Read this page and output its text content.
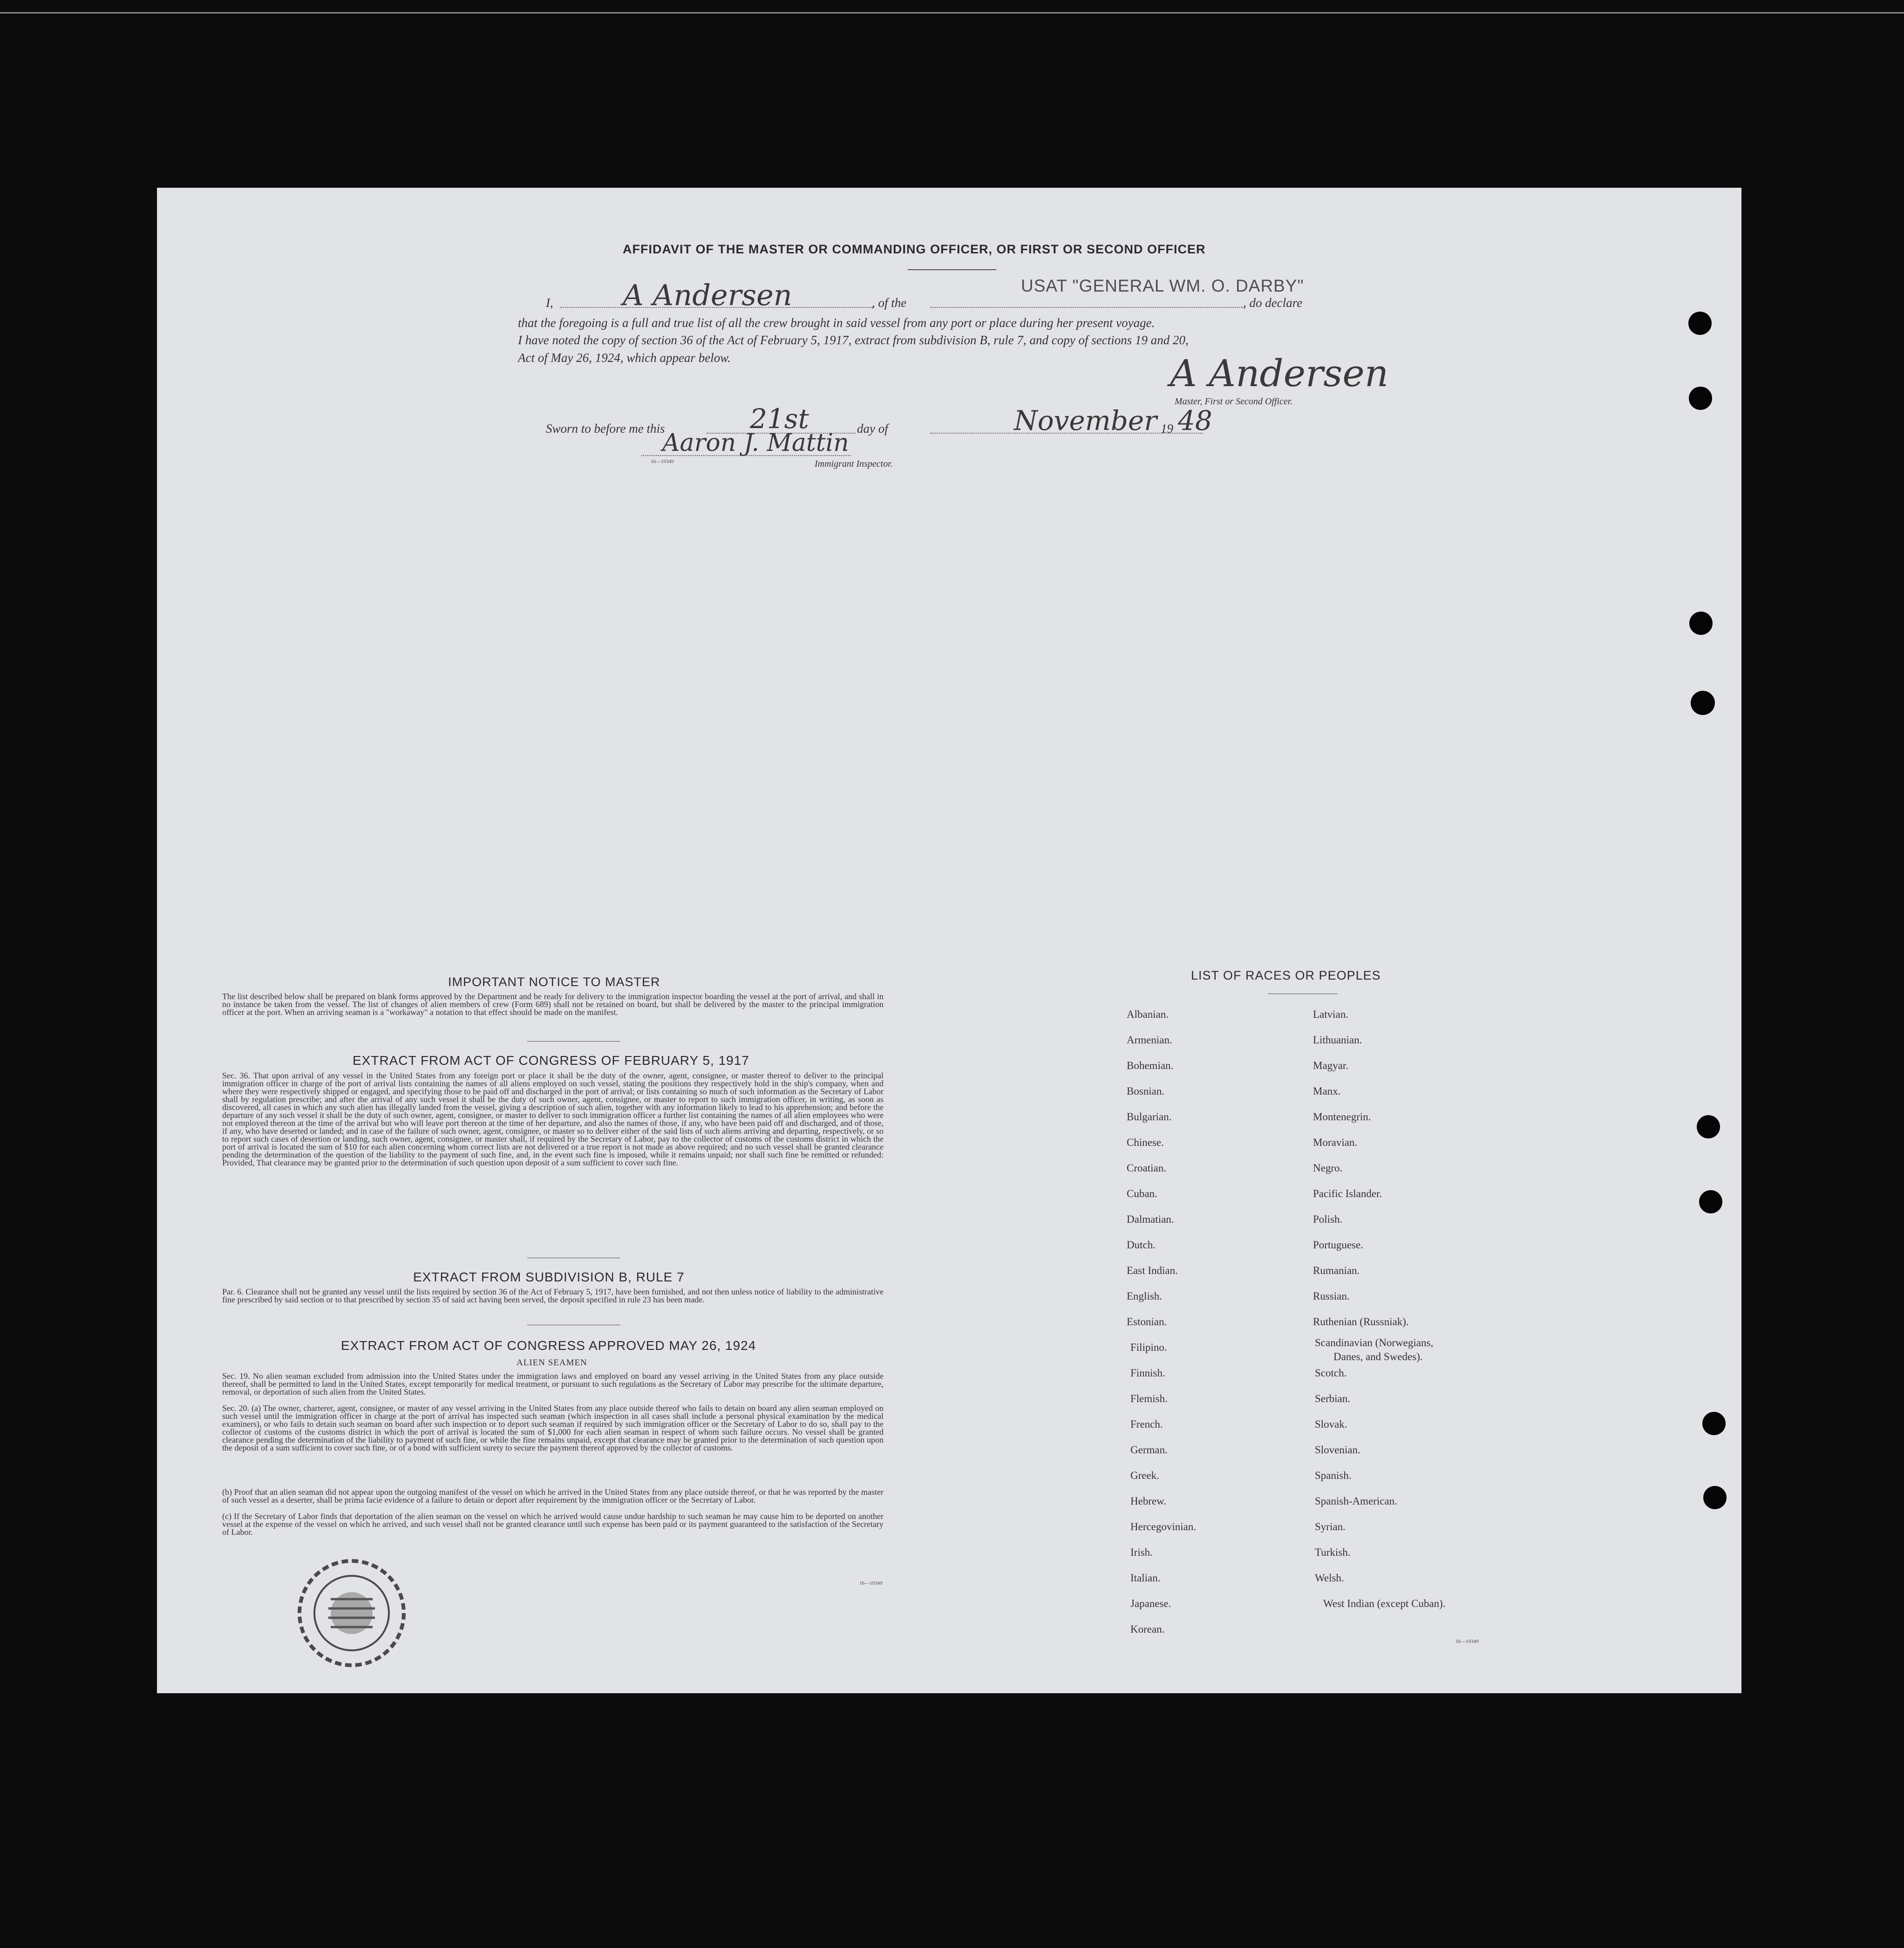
AFFIDAVIT OF THE MASTER OR COMMANDING OFFICER, OR FIRST OR SECOND OFFICER
I, A Andersen	, of the
USAT "GENERAL WM. O. DARBY"
, do declare
that the foregoing is a full and true list of all the crew brought in said vessel from any port or place during her present voyage.
I have noted the copy of section 36 of the Act of February 5, 1917, extract from subdivision B, rule 7, and copy of sections 19 and 20,
Act of May 26, 1924, which appear below.	A Andersen
Master, First or Second Officer.
Sworn to before me this	21st	day of	November 19 48
Aaron J. Mattin
16—19349	Immigrant Inspector.
IMPORTANT NOTICE TO MASTER
The list described below shall be prepared on blank forms approved by the Department and be ready for delivery to the immigration inspector boarding the vessel at the port of arrival, and shall in no instance be taken from the vessel. The list of changes of alien members of crew (Form 689) shall not be retained on board, but shall be delivered by the master to the principal immigration officer at the port. When an arriving seaman is a "workaway" a notation to that effect should be made on the manifest.
EXTRACT FROM ACT OF CONGRESS OF FEBRUARY 5, 1917
Sec. 36. That upon arrival of any vessel in the United States from any foreign port or place it shall be the duty of the owner, agent, consignee, or master thereof to deliver to the principal immigration officer in charge of the port of arrival lists containing the names of all aliens employed on such vessel, stating the positions they respectively hold in the ship's company, when and where they were respectively shipped or engaged, and specifying those to be paid off and discharged in the port of arrival; or lists containing so much of such information as the Secretary of Labor shall by regulation prescribe; and after the arrival of any such vessel it shall be the duty of such owner, agent, consignee, or master to report to such immigration officer, in writing, as soon as discovered, all cases in which any such alien has illegally landed from the vessel, giving a description of such alien, together with any information likely to lead to his apprehension; and before the departure of any such vessel it shall be the duty of such owner, agent, consignee, or master to deliver to such immigration officer a further list containing the names of all alien employees who were not employed thereon at the time of the arrival but who will leave port thereon at the time of her departure, and also the names of those, if any, who have been paid off and discharged, and of those, if any, who have deserted or landed; and in case of the failure of such owner, agent, consignee, or master so to deliver either of the said lists of such aliens arriving and departing, respectively, or so to report such cases of desertion or landing, such owner, agent, consignee, or master shall, if required by the Secretary of Labor, pay to the collector of customs of the customs district in which the port of arrival is located the sum of $10 for each alien concerning whom correct lists are not delivered or a true report is not made as above required; and no such vessel shall be granted clearance pending the determination of the question of the liability to the payment of such fine, and, in the event such fine is imposed, while it remains unpaid; nor shall such fine be remitted or refunded: Provided, That clearance may be granted prior to the determination of such question upon deposit of a sum sufficient to cover such fine.
EXTRACT FROM SUBDIVISION B, RULE 7
Par. 6. Clearance shall not be granted any vessel until the lists required by section 36 of the Act of February 5, 1917, have been furnished, and not then unless notice of liability to the administrative fine prescribed by said section or to that prescribed by section 35 of said act having been served, the deposit specified in rule 23 has been made.
EXTRACT FROM ACT OF CONGRESS APPROVED MAY 26, 1924
ALIEN SEAMEN
Sec. 19. No alien seaman excluded from admission into the United States under the immigration laws and employed on board any vessel arriving in the United States from any place outside thereof, shall be permitted to land in the United States, except temporarily for medical treatment, or pursuant to such regulations as the Secretary of Labor may prescribe for the ultimate departure, removal, or deportation of such alien from the United States.
Sec. 20. (a) The owner, charterer, agent, consignee, or master of any vessel arriving in the United States from any place outside thereof who fails to detain on board any alien seaman employed on such vessel until the immigration officer in charge at the port of arrival has inspected such seaman (which inspection in all cases shall include a personal physical examination by the medical examiners), or who fails to detain such seaman on board after such inspection or to deport such seaman if required by such immigration officer or the Secretary of Labor to do so, shall pay to the collector of customs of the customs district in which the port of arrival is located the sum of $1,000 for each alien seaman in respect of whom such failure occurs. No vessel shall be granted clearance pending the determination of the liability to payment of such fine, or while the fine remains unpaid, except that clearance may be granted prior to the determination of such question upon the deposit of a sum sufficient to cover such fine, or of a bond with sufficient surety to secure the payment thereof approved by the collector of customs.
(b) Proof that an alien seaman did not appear upon the outgoing manifest of the vessel on which he arrived in the United States from any place outside thereof, or that he was reported by the master of such vessel as a deserter, shall be prima facie evidence of a failure to detain or deport after requirement by the immigration officer or the Secretary of Labor.
(c) If the Secretary of Labor finds that deportation of the alien seaman on the vessel on which he arrived would cause undue hardship to such seaman he may cause him to be deported on another vessel at the expense of the vessel on which he arrived, and such vessel shall not be granted clearance until such expense has been paid or its payment guaranteed to the satisfaction of the Secretary of Labor.
16—19349
LIST OF RACES OR PEOPLES
16—19349
Albanian.
Armenian.
Bohemian.
Bosnian.
Bulgarian.
Chinese.
Croatian.
Cuban.
Dalmatian.
Dutch.
East Indian.
English.
Estonian.
Filipino.
Finnish.
Flemish.
French.
German.
Greek.
Hebrew.
Hercegovinian.
Irish.
Italian.
Japanese.
Korean.
Latvian.
Lithuanian.
Magyar.
Manx.
Montenegrin.
Moravian.
Negro.
Pacific Islander.
Polish.
Portuguese.
Rumanian.
Russian.
Ruthenian (Russniak).
Scandinavian (Norwegians,
Danes, and Swedes).
Scotch.
Serbian.
Slovak.
Slovenian.
Spanish.
Spanish-American.
Syrian.
Turkish.
Welsh.
West Indian (except Cuban).
